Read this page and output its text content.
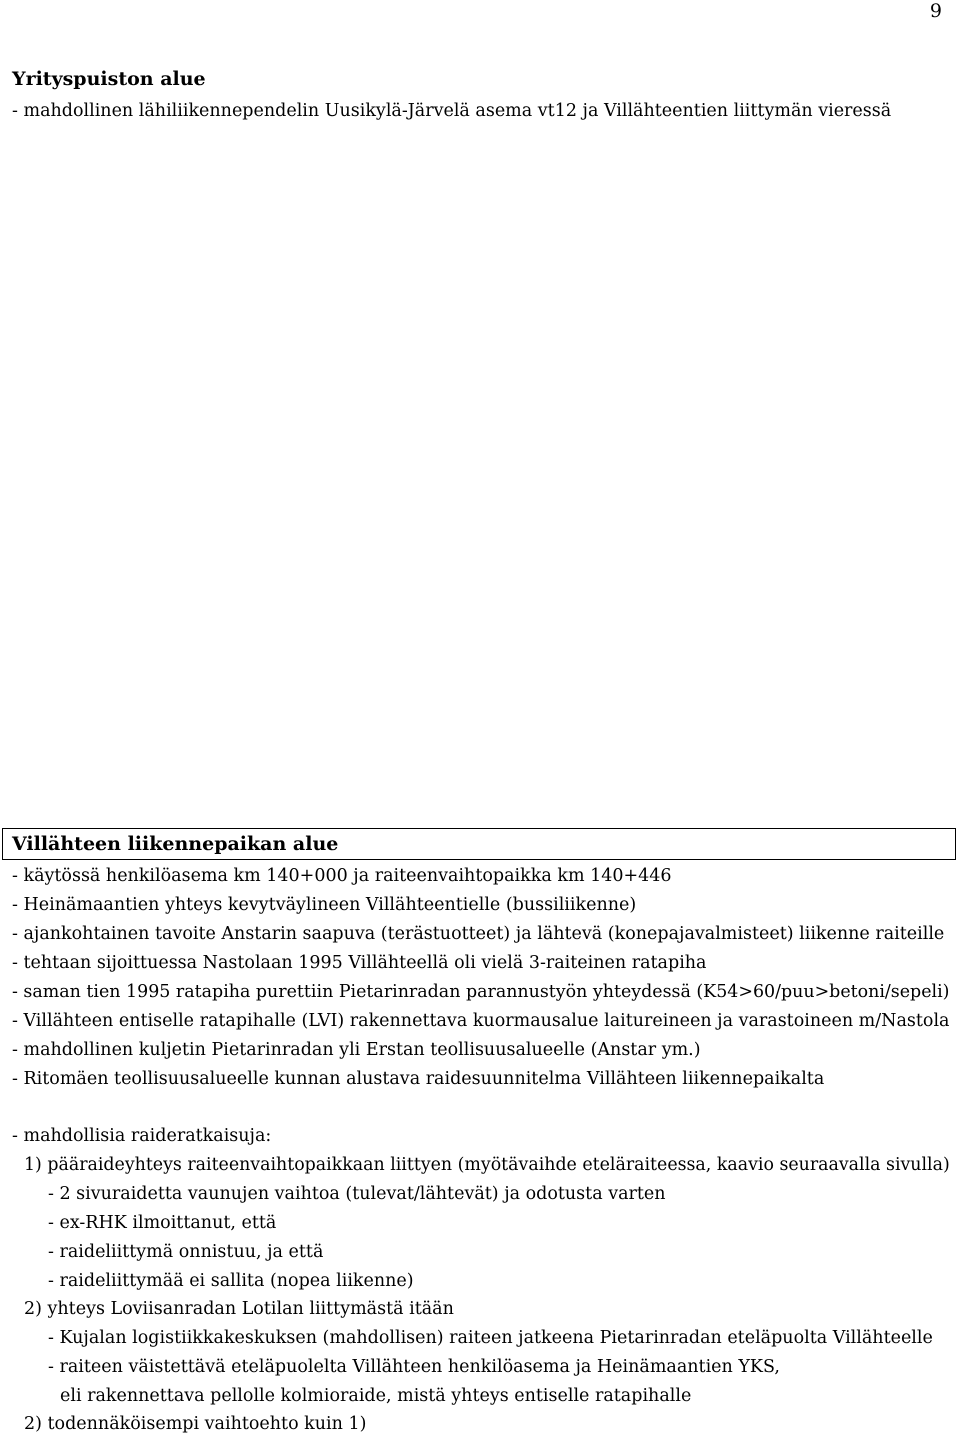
9
Yrityspuiston alue
- mahdollinen lähiliikennependelin Uusikylä-Järvelä asema vt12 ja Villähteentien liittymän vieressä
Villähteen liikennepaikan alue
- käytössä henkilöasema km 140+000 ja raiteenvaihtopaikka km 140+446
- Heinämaantien yhteys kevytväylineen Villähteentielle (bussiliikenne)
- ajankohtainen tavoite Anstarin saapuva (terästuotteet) ja lähtevä (konepajavalmisteet) liikenne raiteille
- tehtaan sijoittuessa Nastolaan 1995 Villähteellä oli vielä 3-raiteinen ratapiha
- saman tien 1995 ratapiha purettiin Pietarinradan parannustyön yhteydessä (K54>60/puu>betoni/sepeli)
- Villähteen entiselle ratapihalle (LVI) rakennettava kuormausalue laitureineen ja varastoineen m/Nastola
- mahdollinen kuljetin Pietarinradan yli Erstan teollisuusalueelle (Anstar ym.)
- Ritomäen teollisuusalueelle kunnan alustava raidesuunnitelma Villähteen liikennepaikalta
- mahdollisia raideratkaisuja:
1) pääraideyhteys raiteenvaihtopaikkaan liittyen (myötävaihde eteläraiteessa, kaavio seuraavalla sivulla)
- 2 sivuraidetta vaunujen vaihtoa (tulevat/lähtevät) ja odotusta varten
- ex-RHK ilmoittanut, että
- raideliittymä onnistuu, ja että
- raideliittymää ei sallita (nopea liikenne)
2) yhteys Loviisanradan Lotilan liittymästä itään
- Kujalan logistiikkakeskuksen (mahdollisen) raiteen jatkeena Pietarinradan eteläpuolta Villähteelle
- raiteen väistettävä eteläpuolelta Villähteen henkilöasema ja Heinämaantien YKS,
eli rakennettava pellolle kolmioraide, mistä yhteys entiselle ratapihalle
2) todennäköisempi vaihtoehto kuin 1)
